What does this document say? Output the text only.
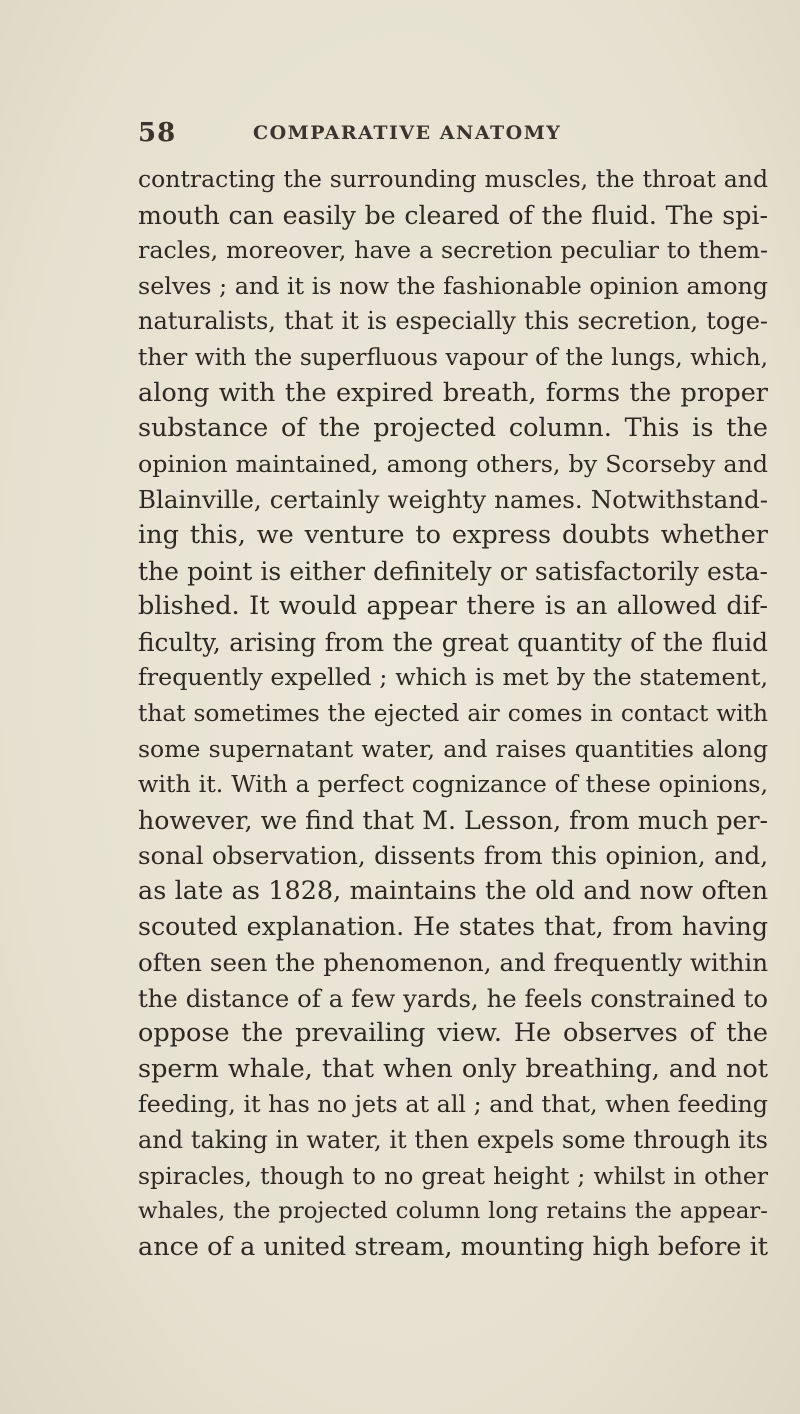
58	COMPARATIVE ANATOMY
contracting the surrounding muscles, the throat and
mouth can easily be cleared of the fluid. The spi-
racles, moreover, have a secretion peculiar to them-
selves ; and it is now the fashionable opinion among
naturalists, that it is especially this secretion, toge-
ther with the superfluous vapour of the lungs, which,
along with the expired breath, forms the proper
substance of the projected column. This is the
opinion maintained, among others, by Scorseby and
Blainville, certainly weighty names. Notwithstand-
ing this, we venture to express doubts whether
the point is either definitely or satisfactorily esta-
blished. It would appear there is an allowed dif-
ficulty, arising from the great quantity of the fluid
frequently expelled ; which is met by the statement,
that sometimes the ejected air comes in contact with
some supernatant water, and raises quantities along
with it. With a perfect cognizance of these opinions,
however, we find that M. Lesson, from much per-
sonal observation, dissents from this opinion, and,
as late as 1828, maintains the old and now often
scouted explanation. He states that, from having
often seen the phenomenon, and frequently within
the distance of a few yards, he feels constrained to
oppose the prevailing view. He observes of the
sperm whale, that when only breathing, and not
feeding, it has no jets at all ; and that, when feeding
and taking in water, it then expels some through its
spiracles, though to no great height ; whilst in other
whales, the projected column long retains the appear-
ance of a united stream, mounting high before it
